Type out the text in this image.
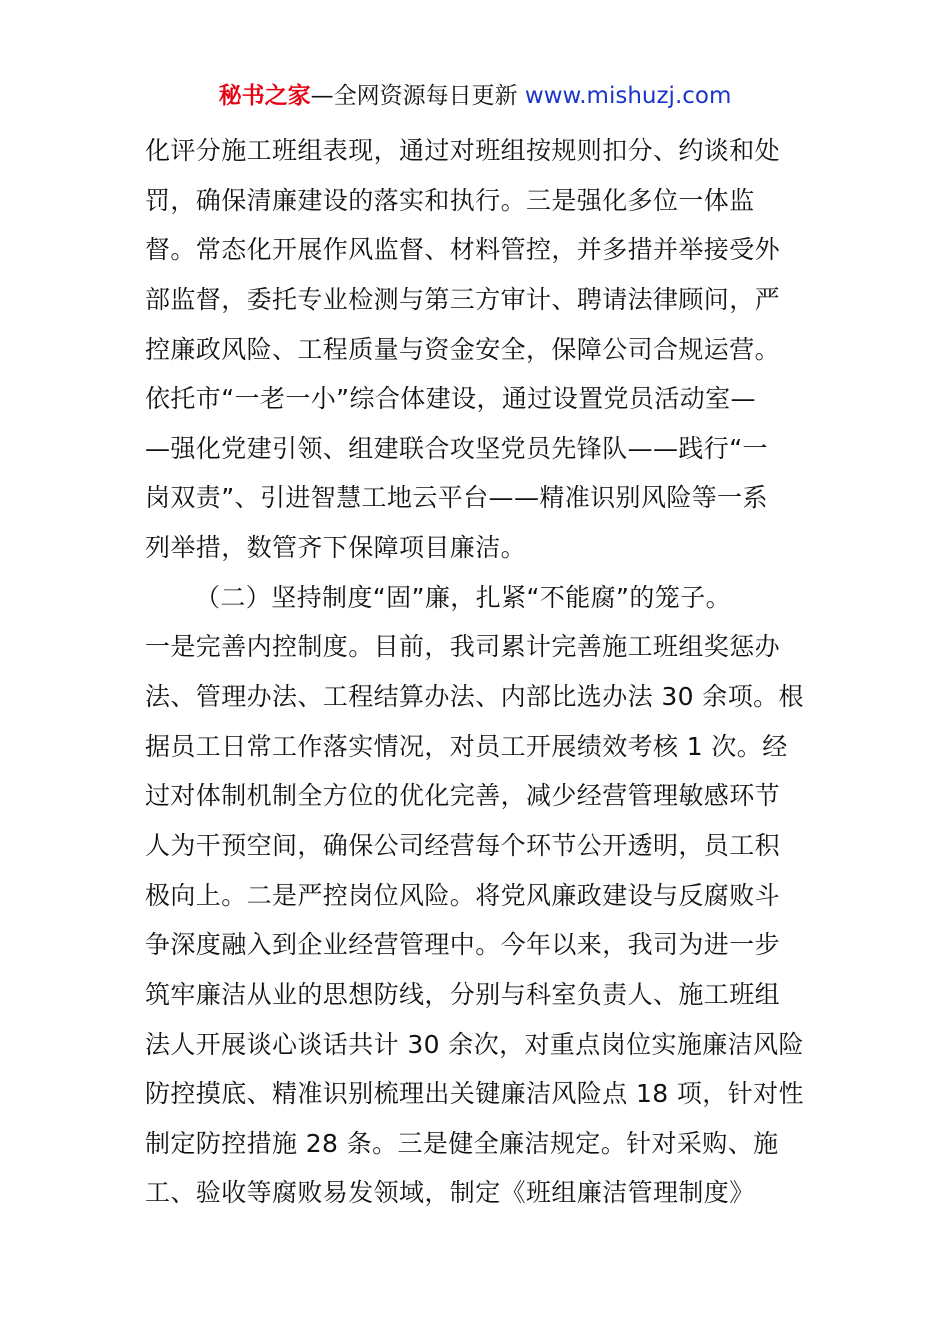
秘书之家—全网资源每日更新 www.mishuzj.com
化评分施工班组表现，通过对班组按规则扣分、约谈和处
罚，确保清廉建设的落实和执行。三是强化多位一体监
督。常态化开展作风监督、材料管控，并多措并举接受外
部监督，委托专业检测与第三方审计、聘请法律顾问，严
控廉政风险、工程质量与资金安全，保障公司合规运营。
依托市“一老一小”综合体建设，通过设置党员活动室—
—强化党建引领、组建联合攻坚党员先锋队——践行“一
岗双责”、引进智慧工地云平台——精准识别风险等一系
列举措，数管齐下保障项目廉洁。
（二）坚持制度“固”廉，扎紧“不能腐”的笼子。
一是完善内控制度。目前，我司累计完善施工班组奖惩办
法、管理办法、工程结算办法、内部比选办法 30 余项。根
据员工日常工作落实情况，对员工开展绩效考核 1 次。经
过对体制机制全方位的优化完善，减少经营管理敏感环节
人为干预空间，确保公司经营每个环节公开透明，员工积
极向上。二是严控岗位风险。将党风廉政建设与反腐败斗
争深度融入到企业经营管理中。今年以来，我司为进一步
筑牢廉洁从业的思想防线，分别与科室负责人、施工班组
法人开展谈心谈话共计 30 余次，对重点岗位实施廉洁风险
防控摸底、精准识别梳理出关键廉洁风险点 18 项，针对性
制定防控措施 28 条。三是健全廉洁规定。针对采购、施
工、验收等腐败易发领域，制定《班组廉洁管理制度》
